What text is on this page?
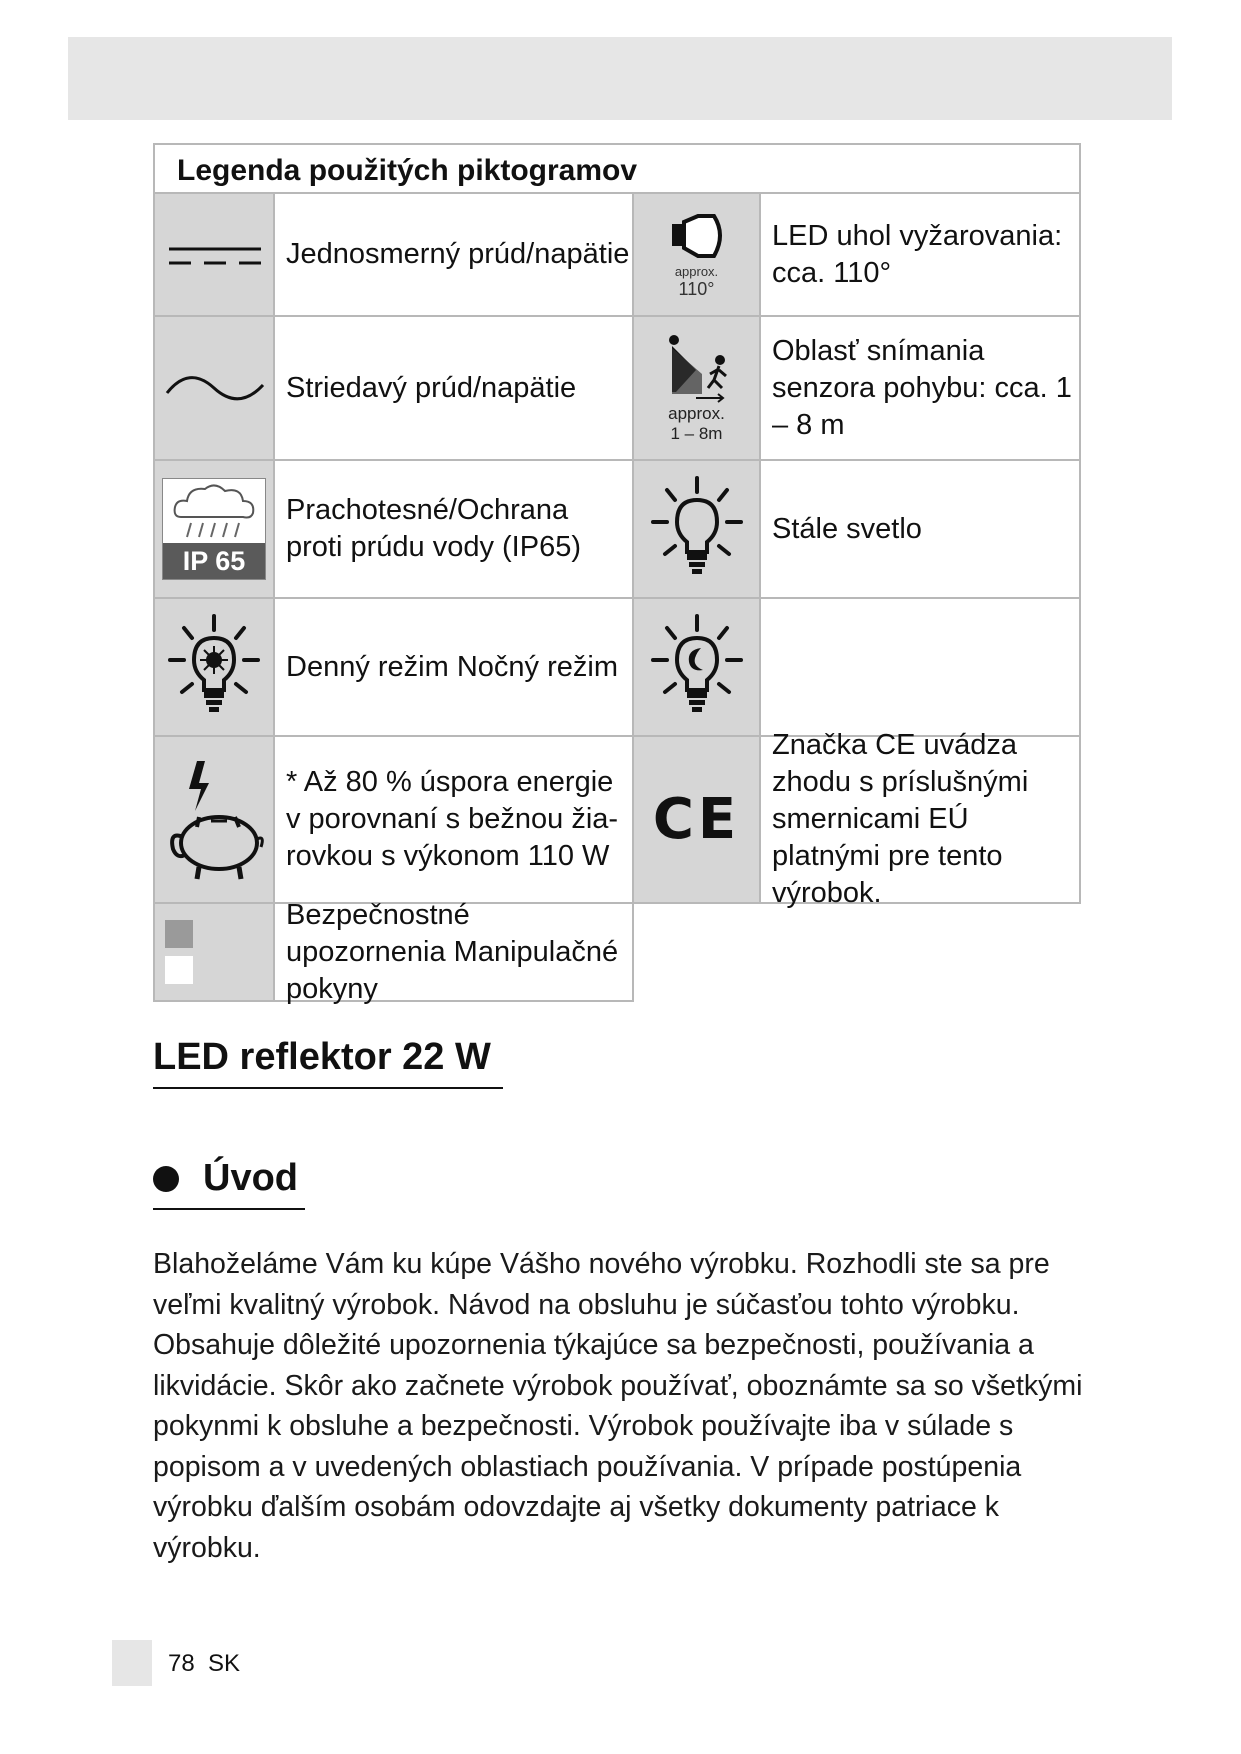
Legenda použitých piktogramov
Jednosmerný prúd/napätie
approx.
110°
LED uhol vyžarovania: cca. 110°
Striedavý prúd/napätie
approx.
1 – 8m
Oblasť snímania senzora pohybu: cca. 1 – 8 m
IP 65
Prachotesné/Ochrana proti prúdu vody (IP65)
Stále svetlo
Denný režim Nočný režim
* Až 80 % úspora energie v porovnaní s bežnou žia- rovkou s výkonom 110 W
CE
Značka CE uvádza zhodu s príslušnými smernicami EÚ platnými pre tento výrobok.
Bezpečnostné upozornenia Manipulačné pokyny
LED reflektor 22 W
Úvod
Blahoželáme Vám ku kúpe Vášho nového výrobku. Rozhodli ste sa pre veľmi kvalitný výrobok. Návod na obsluhu je súčasťou tohto výrobku. Obsahuje dôležité upozornenia týkajúce sa bezpečnosti, používania a likvidácie. Skôr ako začnete výrobok používať, oboznámte sa so všetkými pokynmi k obsluhe a bezpečnosti. Výrobok používajte iba v súlade s popisom a v uvedených oblastiach používania. V prípade postúpenia výrobku ďalším osobám odovzdajte aj všetky dokumenty patriace k výrobku.
78 SK
